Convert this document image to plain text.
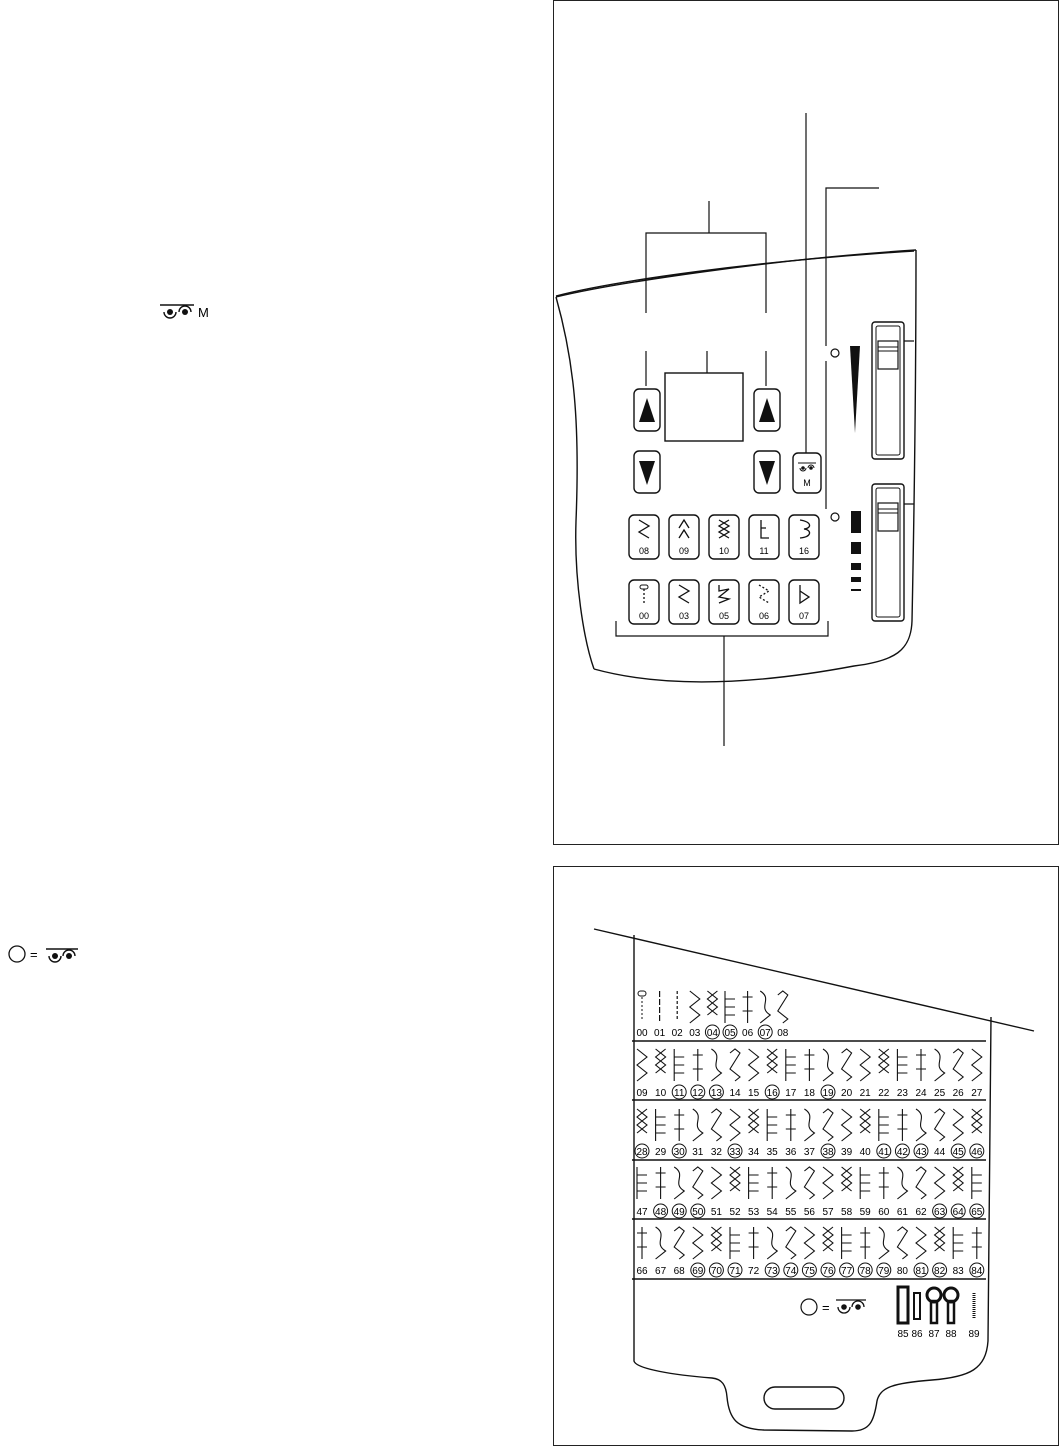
M
=
M
08	09	10	11	16
00	03	05	06	07
00 01 02 03 04 05 06 07 08
09 10 11 12 13 14 15 16 17 18 19 20 21 22 23 24 25 26 27
28 29 30 31 32 33 34 35 36 37 38 39 40 41 42 43 44 45 46
47 48 49 50 51 52 53 54 55 56 57 58 59 60 61 62 63 64 65
66 67 68 69 70 71 72 73 74 75 76 77 78 79 80 81 82 83 84
85 86 87 88 89
=
